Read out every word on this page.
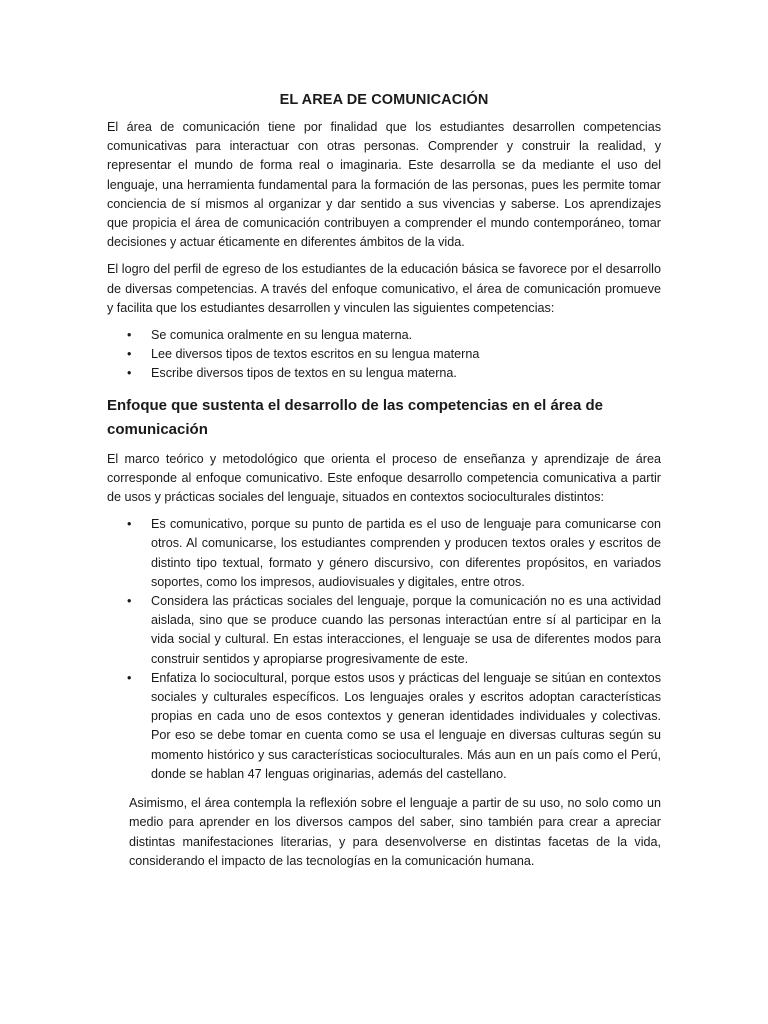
EL AREA DE COMUNICACIÓN

El área de comunicación tiene por finalidad que los estudiantes desarrollen competencias comunicativas para interactuar con otras personas. Comprender y construir la realidad, y representar el mundo de forma real o imaginaria. Este desarrolla se da mediante el uso del lenguaje, una herramienta fundamental para la formación de las personas, pues les permite tomar conciencia de sí mismos al organizar y dar sentido a sus vivencias y saberse. Los aprendizajes que propicia el área de comunicación contribuyen a comprender el mundo contemporáneo, tomar decisiones y actuar éticamente en diferentes ámbitos de la vida.

El logro del perfil de egreso de los estudiantes de la educación básica se favorece por el desarrollo de diversas competencias. A través del enfoque comunicativo, el área de comunicación promueve y facilita que los estudiantes desarrollen y vinculen las siguientes competencias:

• Se comunica oralmente en su lengua materna.
• Lee diversos tipos de textos escritos en su lengua materna
• Escribe diversos tipos de textos en su lengua materna.
Enfoque que sustenta el desarrollo de las competencias en el área de comunicación

El marco teórico y metodológico que orienta el proceso de enseñanza y aprendizaje de área corresponde al enfoque comunicativo. Este enfoque desarrollo competencia comunicativa a partir de usos y prácticas sociales del lenguaje, situados en contextos socioculturales distintos:

• Es comunicativo, porque su punto de partida es el uso de lenguaje para comunicarse con otros. Al comunicarse, los estudiantes comprenden y producen textos orales y escritos de distinto tipo textual, formato y género discursivo, con diferentes propósitos, en variados soportes, como los impresos, audiovisuales y digitales, entre otros.
• Considera las prácticas sociales del lenguaje, porque la comunicación no es una actividad aislada, sino que se produce cuando las personas interactúan entre sí al participar en la vida social y cultural. En estas interacciones, el lenguaje se usa de diferentes modos para construir sentidos y apropiarse progresivamente de este.
• Enfatiza lo sociocultural, porque estos usos y prácticas del lenguaje se sitúan en contextos sociales y culturales específicos. Los lenguajes orales y escritos adoptan características propias en cada uno de esos contextos y generan identidades individuales y colectivas. Por eso se debe tomar en cuenta como se usa el lenguaje en diversas culturas según su momento histórico y sus características socioculturales. Más aun en un país como el Perú, donde se hablan 47 lenguas originarias, además del castellano.

Asimismo, el área contempla la reflexión sobre el lenguaje a partir de su uso, no solo como un medio para aprender en los diversos campos del saber, sino también para crear a apreciar distintas manifestaciones literarias, y para desenvolverse en distintas facetas de la vida, considerando el impacto de las tecnologías en la comunicación humana.
